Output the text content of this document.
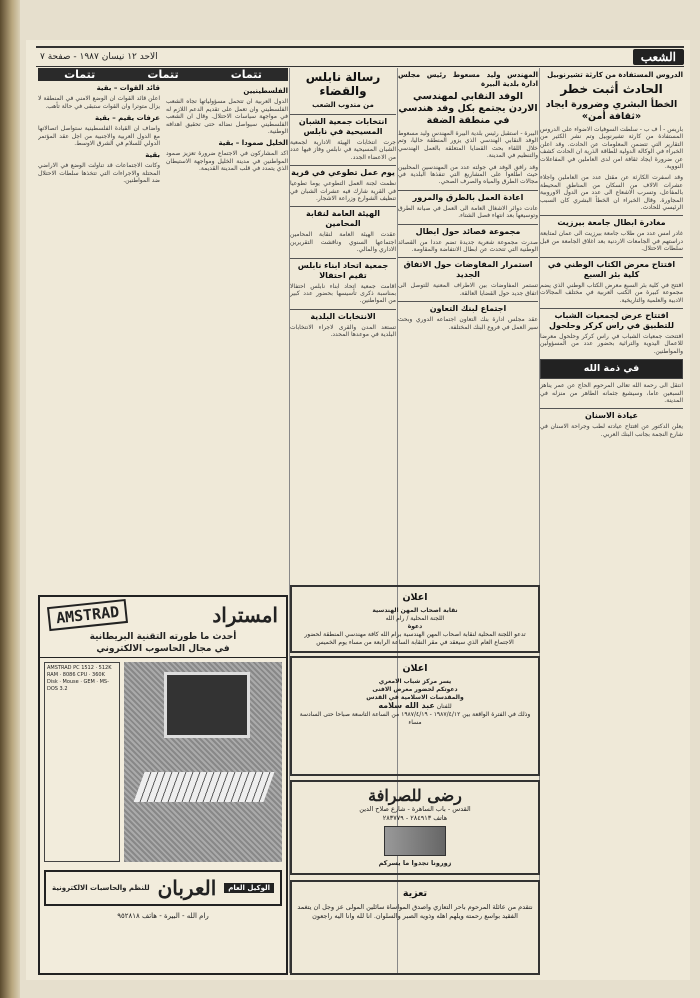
الشعب
الاحد ١٢ نيسان ١٩٨٧ - صفحة ٧
الدروس المستفادة من كارثة تشيرنوبيل
الحادث أثبت خطر
الخطأ البشري وضرورة ايجاد «ثقافة أمن»

باريس - أ ف ب - سلطت السوفيات الاضواء على الدروس المستفادة من كارثة تشيرنوبيل وتم نشر الكثير من التقارير التي تتضمن المعلومات عن الحادث. وقد اعلن الخبراء في الوكالة الدولية للطاقة الذرية ان الحادث كشف عن ضرورة ايجاد ثقافة امن لدى العاملين في المفاعلات النووية.

وقد اسفرت الكارثة عن مقتل عدد من العاملين واجلاء عشرات الالاف من السكان من المناطق المحيطة بالمفاعل، وتسرب الاشعاع الى عدد من الدول الاوروبية المجاورة. وقال الخبراء ان الخطأ البشري كان السبب الرئيسي للحادث.

مغادرة ابطال جامعة بيرزيت

غادر امس عدد من طلاب جامعة بيرزيت الى عمان لمتابعة دراستهم في الجامعات الاردنية بعد اغلاق الجامعة من قبل سلطات الاحتلال.

افتتاح معرض الكتاب الوطني في كلية بئر السبع

افتتح في كلية بئر السبع معرض الكتاب الوطني الذي يضم مجموعة كبيرة من الكتب العربية في مختلف المجالات الادبية والعلمية والتاريخية.

افتتاح عرض لجمعيات الشباب للتطبيق في راس كركر وحلحول

افتتحت جمعيات الشباب في راس كركر وحلحول معرضا للاعمال اليدوية والتراثية بحضور عدد من المسؤولين والمواطنين.

في ذمة الله

انتقل الى رحمة الله تعالى المرحوم الحاج عن عمر يناهز السبعين عاما، وسيشيع جثمانه الطاهر من منزله في المدينة.

عيادة الاسنان

يعلن الدكتور عن افتتاح عيادته لطب وجراحة الاسنان في شارع النجمة بجانب البنك العربي.

المهندس وليد مسعوط رئيس مجلس ادارة بلدية البيرة
الوفد النقابي لمهندسي الاردن يجتمع بكل وفد هندسي في منطقة الضفة

البيرة - استقبل رئيس بلدية البيرة المهندس وليد مسعوط الوفد النقابي الهندسي الذي يزور المنطقة حاليا، وتم خلال اللقاء بحث القضايا المتعلقة بالعمل الهندسي والتنظيم في المدينة.

وقد رافق الوفد في جولته عدد من المهندسين المحليين حيث اطلعوا على المشاريع التي تنفذها البلدية في مجالات الطرق والمياه والصرف الصحي.

اعادة العمل بالطرق والمرور

عادت دوائر الاشغال العامة الى العمل في صيانة الطرق وتوسيعها بعد انتهاء فصل الشتاء.

مجموعة قصائد حول ابطال

صدرت مجموعة شعرية جديدة تضم عددا من القصائد الوطنية التي تتحدث عن ابطال الانتفاضة والمقاومة.

استمرار المفاوضات حول الاتفاق الجديد

تستمر المفاوضات بين الاطراف المعنية للتوصل الى اتفاق جديد حول القضايا العالقة.

اجتماع لبنك التعاون

عقد مجلس ادارة بنك التعاون اجتماعه الدوري وبحث سير العمل في فروع البنك المختلفة.

رسالة نابلس والقضاء
من مندوب الشعب
انتخابات جمعية الشبان المسيحية في نابلس

جرت انتخابات الهيئة الادارية لجمعية الشبان المسيحية في نابلس وفاز فيها عدد من الاعضاء الجدد.

يوم عمل تطوعي في قرية

نظمت لجنة العمل التطوعي يوما تطوعيا في القرية شارك فيه عشرات الشبان في تنظيف الشوارع وزراعة الاشجار.

الهيئة العامة لنقابة المحامين

عقدت الهيئة العامة لنقابة المحامين اجتماعها السنوي وناقشت التقريرين الاداري والمالي.

جمعية اتحاد ابناء نابلس تقيم احتفالا

اقامت جمعية اتحاد ابناء نابلس احتفالا بمناسبة ذكرى تأسيسها بحضور عدد كبير من المواطنين.

الانتخابات البلدية

تستعد المدن والقرى لاجراء الانتخابات البلدية في موعدها المحدد.

تتمات
تتمات
تتمات
الفلسطينيين

الدول العربية ان تتحمل مسؤولياتها تجاه الشعب الفلسطيني وان تعمل على تقديم الدعم اللازم له في مواجهة سياسات الاحتلال. وقال ان الشعب الفلسطيني سيواصل نضاله حتى تحقيق اهدافه الوطنية.

الخليل صمودا – بقية

اكد المشاركون في الاجتماع ضرورة تعزيز صمود المواطنين في مدينة الخليل ومواجهة الاستيطان الذي يتمدد في قلب المدينة القديمة.

قائد القوات – بقية

اعلن قائد القوات ان الوضع الامني في المنطقة لا يزال متوترا وان القوات ستبقى في حالة تأهب.

عرفات يقيم – بقية

واضاف ان القيادة الفلسطينية ستواصل اتصالاتها مع الدول العربية والاجنبية من اجل عقد المؤتمر الدولي للسلام في الشرق الاوسط.

بقية

وكانت الاجتماعات قد تناولت الوضع في الاراضي المحتلة والاجراءات التي تتخذها سلطات الاحتلال ضد المواطنين.

اعلان
نقابة اصحاب المهن الهندسية
اللجنة المحلية / رام الله
دعوة
تدعو اللجنة المحلية لنقابة اصحاب المهن الهندسية برام الله كافة مهندسي المنطقة لحضور الاجتماع العام الذي سيعقد في مقر النقابة الساعة الرابعة من مساء يوم الخميس
اعلان
يسر مركز شباب الامعري
دعوتكم لحضور معرض الافنى
والمقدسات الاسلامية في القدس
للفنان عبد الله سلامه
وذلك في الفترة الواقعة بين ١٩٨٧/٤/١٢ - ١٩٨٧/٤/١٩ من الساعة التاسعة صباحا حتى السادسة مساء
رضى للصرافة
القدس - باب الساهرة - شارع صلاح الدين
هاتف ٢٨٤٩١٣ - ٢٨٣٧٧٩
زورونا تجدوا ما يسركم
تعزية
نتقدم من عائلة المرحوم باحر التعازي واصدق المواساة سائلين المولى عز وجل ان يتغمد الفقيد بواسع رحمته ويلهم اهله وذويه الصبر والسلوان. انا لله وانا اليه راجعون
امستراد
AMSTRAD
أحدث ما طورته التقنية البريطانية
في مجال الحاسوب الالكتروني
AMSTRAD PC 1512 · 512K RAM · 8086 CPU · 360K Disk · Mouse · GEM · MS-DOS 3.2
الوكيل العام
العربان
للنظم والحاسبات الالكترونية
رام الله - البيرة - هاتف ٩٥٢٨١٨
